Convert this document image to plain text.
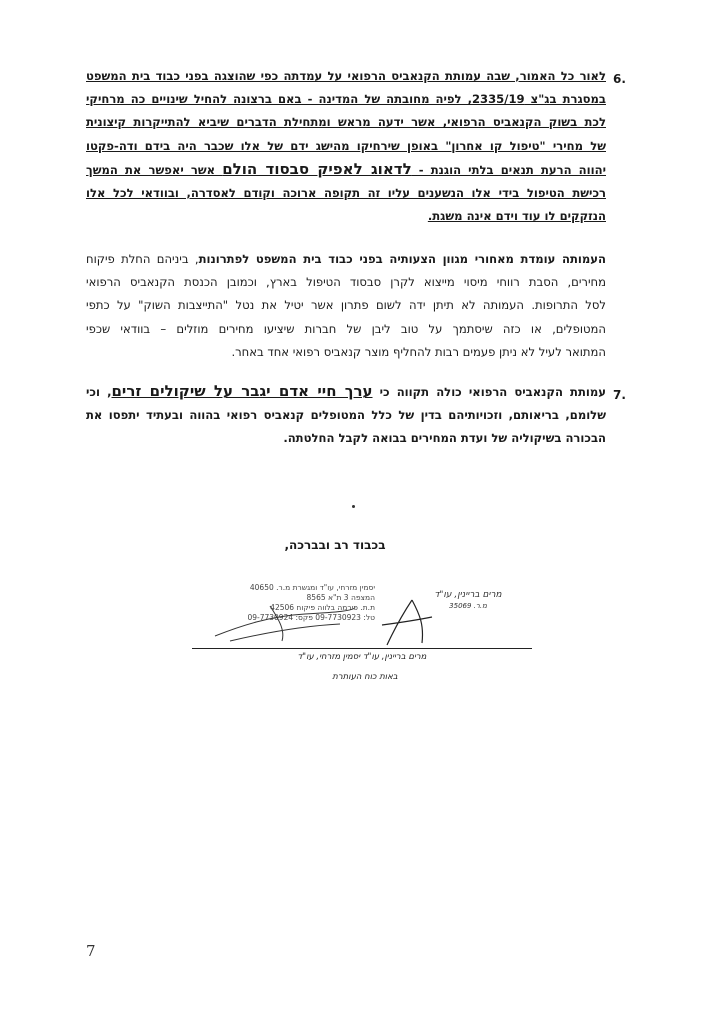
6.
לאור כל האמור, שבה עמותת הקנאביס הרפואי על עמדתה כפי שהוצגה בפני כבוד בית המשפט
במסגרת בג"צ 2335/19, לפיה מחובתה של המדינה - באם ברצונה להחיל שינויים כה מרחיקי
לכת בשוק הקנאביס הרפואי, אשר ידעה מראש ומתחילת הדברים שיביא להתייקרות קיצונית
של מחירי "טיפול קו אחרון" באופן שירחיקו מהישג ידם של אלו שכבר היה בידם ודה-פקטו
יהווה הרעת תנאים בלתי הוגנת - לדאוג לאפיק סבסוד הולם אשר יאפשר את המשך
רכישת הטיפול בידי אלו הנשענים עליו זה תקופה ארוכה וקודם לאסדרה, ובוודאי לכל אלו
הנזקקים לו עוד וידם אינה משגת.
העמותה עומדת מאחורי מגוון הצעותיה בפני כבוד בית המשפט לפתרונות, ביניהם החלת פיקוח
מחירים, הסבת רווחי מיסוי מייצוא לקרן סבסוד הטיפול בארץ, וכמובן הכנסת הקנאביס הרפואי
לסל התרופות. העמותה לא תיתן ידה לשום פתרון אשר יטיל את נטל "התייצבות השוק" על כתפי
המטופלים, או כזה שיסתמך על טוב ליבן של חברות שיציעו מחירים מוזלים – בוודאי שכפי
המתואר לעיל לא ניתן פעמים רבות להחליף מוצר קנאביס רפואי אחד באחר.
7.
עמותת הקנאביס הרפואי כולה תקווה כי ערך חיי אדם יגבר על שיקולים זרים, וכי
שלומם, בריאותם, וזכויותיהם בדין של כלל המטופלים קנאביס רפואי בהווה ובעתיד יתפסו את
הבכורה בשיקוליה של ועדת המחירים בבואה לקבל החלטתה.
בכבוד רב ובברכה,
יסמין מזרחי, עו"ד ומגשרת מ.ר. 40650
המצפה 3 ת"א 8565
ת.ת. פירמה בלווה פיקוח 42506
טל: 09-7730923 פקס: 09-7730924
מרים בריינין, עו"ד
מ.ר. 35069
מרים בריינין, עו"ד יסמין מזרחי, עו"ד
באות כוח העותרת
7
